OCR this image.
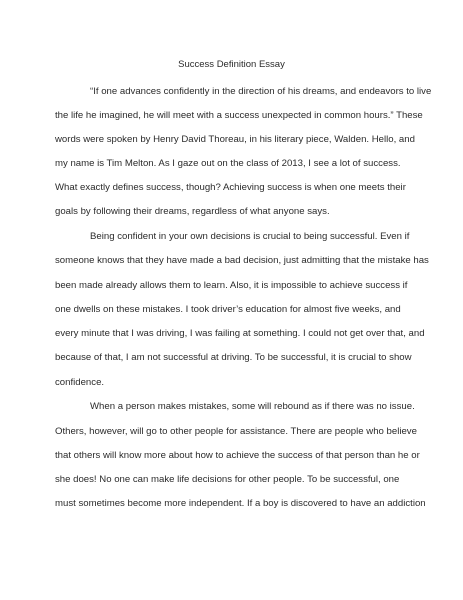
Success Definition Essay
“If one advances confidently in the direction of his dreams, and endeavors to live
the life he imagined, he will meet with a success unexpected in common hours.” These
words were spoken by Henry David Thoreau, in his literary piece, Walden. Hello, and
my name is Tim Melton. As I gaze out on the class of 2013, I see a lot of success.
What exactly defines success, though? Achieving success is when one meets their
goals by following their dreams, regardless of what anyone says.
Being confident in your own decisions is crucial to being successful. Even if
someone knows that they have made a bad decision, just admitting that the mistake has
been made already allows them to learn. Also, it is impossible to achieve success if
one dwells on these mistakes. I took driver’s education for almost five weeks, and
every minute that I was driving, I was failing at something. I could not get over that, and
because of that, I am not successful at driving. To be successful, it is crucial to show
confidence.
When a person makes mistakes, some will rebound as if there was no issue.
Others, however, will go to other people for assistance. There are people who believe
that others will know more about how to achieve the success of that person than he or
she does! No one can make life decisions for other people. To be successful, one
must sometimes become more independent. If a boy is discovered to have an addiction
